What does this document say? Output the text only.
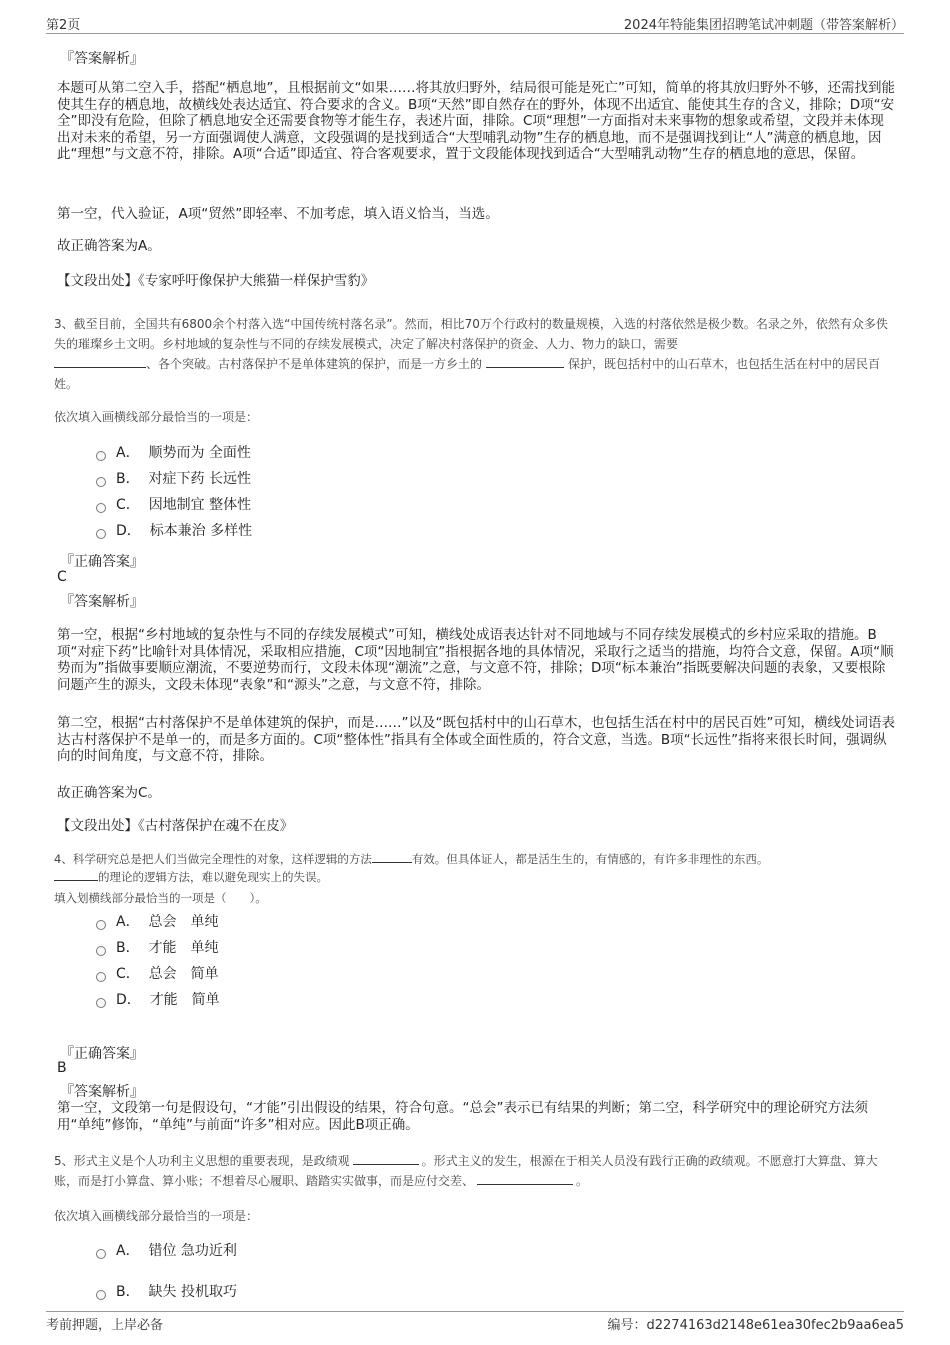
第2页	2024年特能集团招聘笔试冲刺题（带答案解析）
『答案解析』
本题可从第二空入手，搭配“栖息地”，且根据前文“如果……将其放归野外，结局很可能是死亡”可知，简单的将其放归野外不够，还需找到能使其生存的栖息地，故横线处表达适宜、符合要求的含义。B项“天然”即自然存在的野外，体现不出适宜、能使其生存的含义，排除；D项“安全”即没有危险，但除了栖息地安全还需要食物等才能生存，表述片面，排除。C项“理想”一方面指对未来事物的想象或希望，文段并未体现出对未来的希望，另一方面强调使人满意，文段强调的是找到适合“大型哺乳动物”生存的栖息地，而不是强调找到让“人”满意的栖息地，因此“理想”与文意不符，排除。A项“合适”即适宜、符合客观要求，置于文段能体现找到适合“大型哺乳动物”生存的栖息地的意思，保留。
第一空，代入验证，A项“贸然”即轻率、不加考虑，填入语义恰当，当选。
故正确答案为A。
【文段出处】《专家呼吁像保护大熊猫一样保护雪豹》
3、截至目前，全国共有6800余个村落入选“中国传统村落名录”。然而，相比70万个行政村的数量规模，入选的村落依然是极少数。名录之外，依然有众多佚失的璀璨乡土文明。乡村地域的复杂性与不同的存续发展模式，决定了解决村落保护的资金、人力、物力的缺口，需要
、各个突破。古村落保护不是单体建筑的保护，而是一方乡土的	保护，既包括村中的山石草木，也包括生活在村中的居民百姓。
依次填入画横线部分最恰当的一项是：
A．
顺势而为 全面性
B．
对症下药 长远性
C．
因地制宜 整体性
D．
标本兼治 多样性
『正确答案』
C
『答案解析』
第一空，根据“乡村地域的复杂性与不同的存续发展模式”可知，横线处成语表达针对不同地域与不同存续发展模式的乡村应采取的措施。B项“对症下药”比喻针对具体情况，采取相应措施，C项“因地制宜”指根据各地的具体情况，采取行之适当的措施，均符合文意，保留。A项“顺势而为”指做事要顺应潮流，不要逆势而行，文段未体现“潮流”之意，与文意不符，排除；D项“标本兼治”指既要解决问题的表象，又要根除问题产生的源头，文段未体现“表象”和“源头”之意，与文意不符，排除。
第二空，根据“古村落保护不是单体建筑的保护，而是……”以及“既包括村中的山石草木，也包括生活在村中的居民百姓”可知，横线处词语表达古村落保护不是单一的，而是多方面的。C项“整体性”指具有全体或全面性质的，符合文意，当选。B项“长远性”指将来很长时间，强调纵向的时间角度，与文意不符，排除。
故正确答案为C。
【文段出处】《古村落保护在魂不在皮》
4、科学研究总是把人们当做完全理性的对象，这样逻辑的方法	有效。但具体证人，都是活生生的，有情感的，有许多非理性的东西。
的理论的逻辑方法，难以避免现实上的失误。
填入划横线部分最恰当的一项是（　　）。
A．
总会　单纯
B．
才能　单纯
C．
总会　简单
D．
才能　简单
『正确答案』
B
『答案解析』
第一空，文段第一句是假设句，“才能”引出假设的结果，符合句意。“总会”表示已有结果的判断；第二空，科学研究中的理论研究方法须用“单纯”修饰，“单纯”与前面“许多”相对应。因此B项正确。
5、形式主义是个人功利主义思想的重要表现，是政绩观	。形式主义的发生，根源在于相关人员没有践行正确的政绩观。不愿意打大算盘、算大账，而是打小算盘、算小账；不想着尽心履职、踏踏实实做事，而是应付交差、	。
依次填入画横线部分最恰当的一项是：
A．
错位 急功近利
B．
缺失 投机取巧
考前押题，上岸必备	编号：d2274163d2148e61ea30fec2b9aa6ea5
